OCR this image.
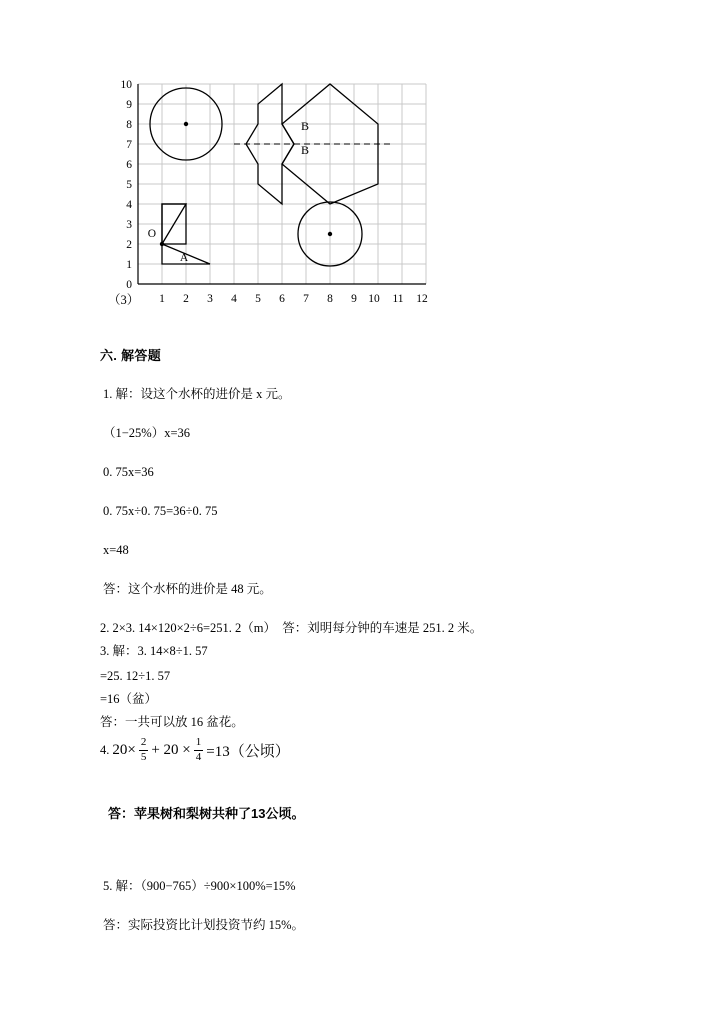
10
9
8
7
6
5
4
3
2
1
0
1 2 3 4 5 6 7 8 9 10 11 12
B
B
O
A
（3）

六. 解答题

1. 解：设这个水杯的进价是 x 元。

（1−25%）x=36

0. 75x=36

0. 75x÷0. 75=36÷0. 75

x=48

答：这个水杯的进价是 48 元。

2. 2×3. 14×120×2÷6=251. 2（m）　答：刘明每分钟的车速是 251. 2 米。

3. 解：3. 14×8÷1. 57

=25. 12÷1. 57

=16（盆）

答：一共可以放 16 盆花。

4. $20\times \frac{2}{5} + 20 \times \frac{1}{4} =13$（公顷）

答：苹果树和梨树共种了13公顷。

5. 解：（900−765）÷900×100%=15%

答：实际投资比计划投资节约 15%。
